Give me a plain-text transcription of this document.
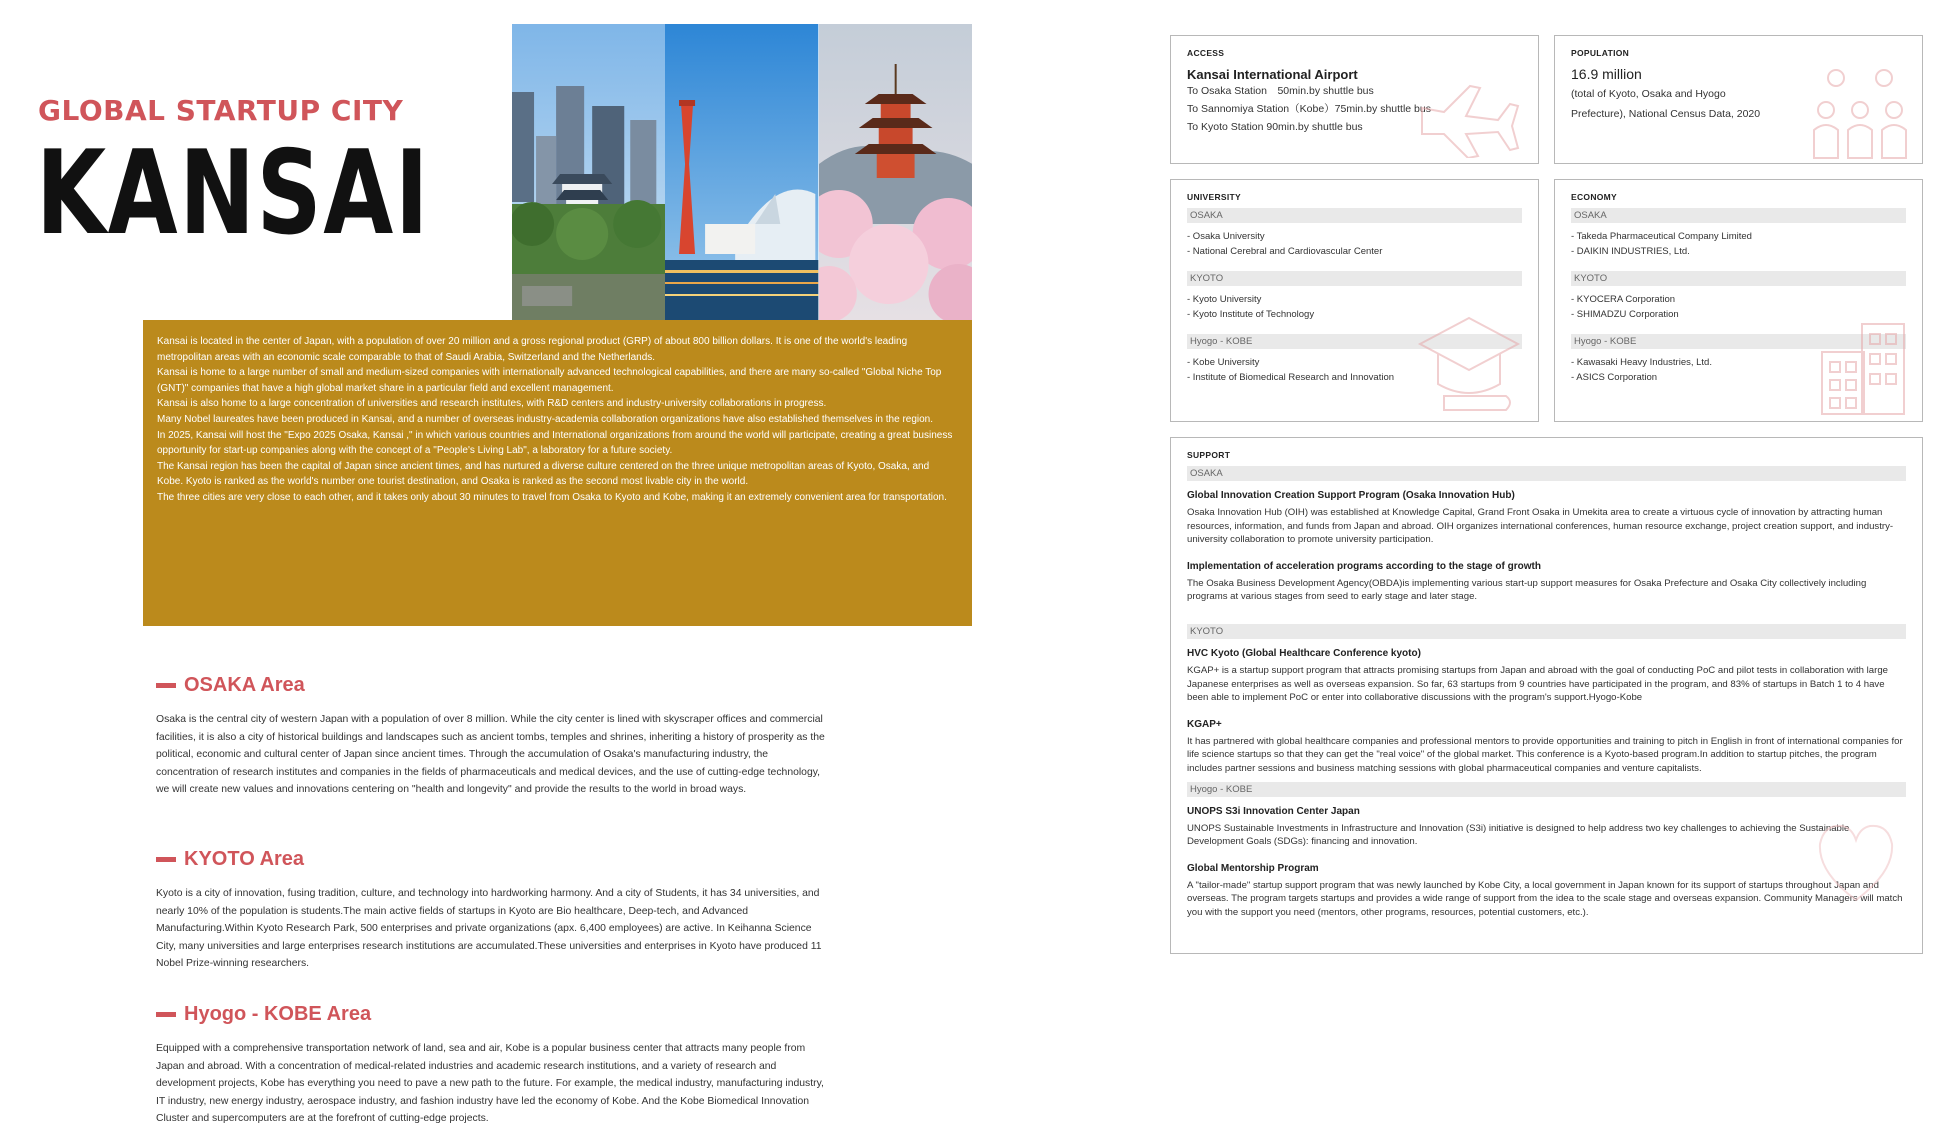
GLOBAL STARTUP CITY
KANSAI

Kansai is located in the center of Japan, with a population of over 20 million and a gross regional product (GRP) of about 800 billion dollars. It is one of the world's leading metropolitan areas with an economic scale comparable to that of Saudi Arabia, Switzerland and the Netherlands.

Kansai is home to a large number of small and medium-sized companies with internationally advanced technological capabilities, and there are many so-called "Global Niche Top (GNT)" companies that have a high global market share in a particular field and excellent management.

Kansai is also home to a large concentration of universities and research institutes, with R&D centers and industry-university collaborations in progress.

Many Nobel laureates have been produced in Kansai, and a number of overseas industry-academia collaboration organizations have also established themselves in the region.

In 2025, Kansai will host the "Expo 2025 Osaka, Kansai ," in which various countries and International organizations from around the world will participate, creating a great business opportunity for start-up companies along with the concept of a "People's Living Lab", a laboratory for a future society.

The Kansai region has been the capital of Japan since ancient times, and has nurtured a diverse culture centered on the three unique metropolitan areas of Kyoto, Osaka, and Kobe. Kyoto is ranked as the world's number one tourist destination, and Osaka is ranked as the second most livable city in the world.

The three cities are very close to each other, and it takes only about 30 minutes to travel from Osaka to Kyoto and Kobe, making it an extremely convenient area for transportation.

OSAKA Area
Osaka is the central city of western Japan with a population of over 8 million. While the city center is lined with skyscraper offices and commercial facilities, it is also a city of historical buildings and landscapes such as ancient tombs, temples and shrines, inheriting a history of prosperity as the political, economic and cultural center of Japan since ancient times. Through the accumulation of Osaka's manufacturing industry, the concentration of research institutes and companies in the fields of pharmaceuticals and medical devices, and the use of cutting-edge technology, we will create new values and innovations centering on "health and longevity" and provide the results to the world in broad ways.
KYOTO Area
Kyoto is a city of innovation, fusing tradition, culture, and technology into hardworking harmony. And a city of Students, it has 34 universities, and nearly 10% of the population is students.The main active fields of startups in Kyoto are Bio healthcare, Deep-tech, and Advanced Manufacturing.Within Kyoto Research Park, 500 enterprises and private organizations (apx. 6,400 employees) are active. In Keihanna Science City, many universities and large enterprises research institutions are accumulated.These universities and enterprises in Kyoto have produced 11 Nobel Prize-winning researchers.
Hyogo - KOBE Area
Equipped with a comprehensive transportation network of land, sea and air, Kobe is a popular business center that attracts many people from Japan and abroad. With a concentration of medical-related industries and academic research institutions, and a variety of research and development projects, Kobe has everything you need to pave a new path to the future. For example, the medical industry, manufacturing industry, IT industry, new energy industry, aerospace industry, and fashion industry have led the economy of Kobe. And the Kobe Biomedical Innovation Cluster and supercomputers are at the forefront of cutting-edge projects.
ACCESS
Kansai International Airport
To Osaka Station　50min.by shuttle bus
To Sannomiya Station（Kobe）75min.by shuttle bus
To Kyoto Station 90min.by shuttle bus
POPULATION
16.9 million
(total of Kyoto, Osaka and Hyogo Prefecture), National Census Data, 2020
UNIVERSITY
OSAKA
- Osaka University
- National Cerebral and Cardiovascular Center
KYOTO
- Kyoto University
- Kyoto Institute of Technology
Hyogo - KOBE
- Kobe University
- Institute of Biomedical Research and Innovation
ECONOMY
OSAKA
- Takeda Pharmaceutical Company Limited
- DAIKIN INDUSTRIES, Ltd.
KYOTO
- KYOCERA Corporation
- SHIMADZU Corporation
Hyogo - KOBE
- Kawasaki Heavy Industries, Ltd.
- ASICS Corporation
SUPPORT
OSAKA
Global Innovation Creation Support Program (Osaka Innovation Hub)
Osaka Innovation Hub (OIH) was established at Knowledge Capital, Grand Front Osaka in Umekita area to create a virtuous cycle of innovation by attracting human resources, information, and funds from Japan and abroad. OIH organizes international conferences, human resource exchange, project creation support, and industry-university collaboration to promote university participation.
Implementation of acceleration programs according to the stage of growth
The Osaka Business Development Agency(OBDA)is implementing various start-up support measures for Osaka Prefecture and Osaka City collectively including programs at various stages from seed to early stage and later stage.
KYOTO
HVC Kyoto (Global Healthcare Conference kyoto)
KGAP+ is a startup support program that attracts promising startups from Japan and abroad with the goal of conducting PoC and pilot tests in collaboration with large Japanese enterprises as well as overseas expansion. So far, 63 startups from 9 countries have participated in the program, and 83% of startups in Batch 1 to 4 have been able to implement PoC or enter into collaborative discussions with the program's support.Hyogo-Kobe
KGAP+
It has partnered with global healthcare companies and professional mentors to provide opportunities and training to pitch in English in front of international companies for life science startups so that they can get the "real voice" of the global market. This conference is a Kyoto-based program.In addition to startup pitches, the program includes partner sessions and business matching sessions with global pharmaceutical companies and venture capitalists.
Hyogo - KOBE
UNOPS S3i Innovation Center Japan
UNOPS Sustainable Investments in Infrastructure and Innovation (S3i) initiative is designed to help address two key challenges to achieving the Sustainable Development Goals (SDGs): financing and innovation.
Global Mentorship Program
A "tailor-made" startup support program that was newly launched by Kobe City, a local government in Japan known for its support of startups throughout Japan and overseas. The program targets startups and provides a wide range of support from the idea to the scale stage and overseas expansion. Community Managers will match you with the support you need (mentors, other programs, resources, potential customers, etc.).
